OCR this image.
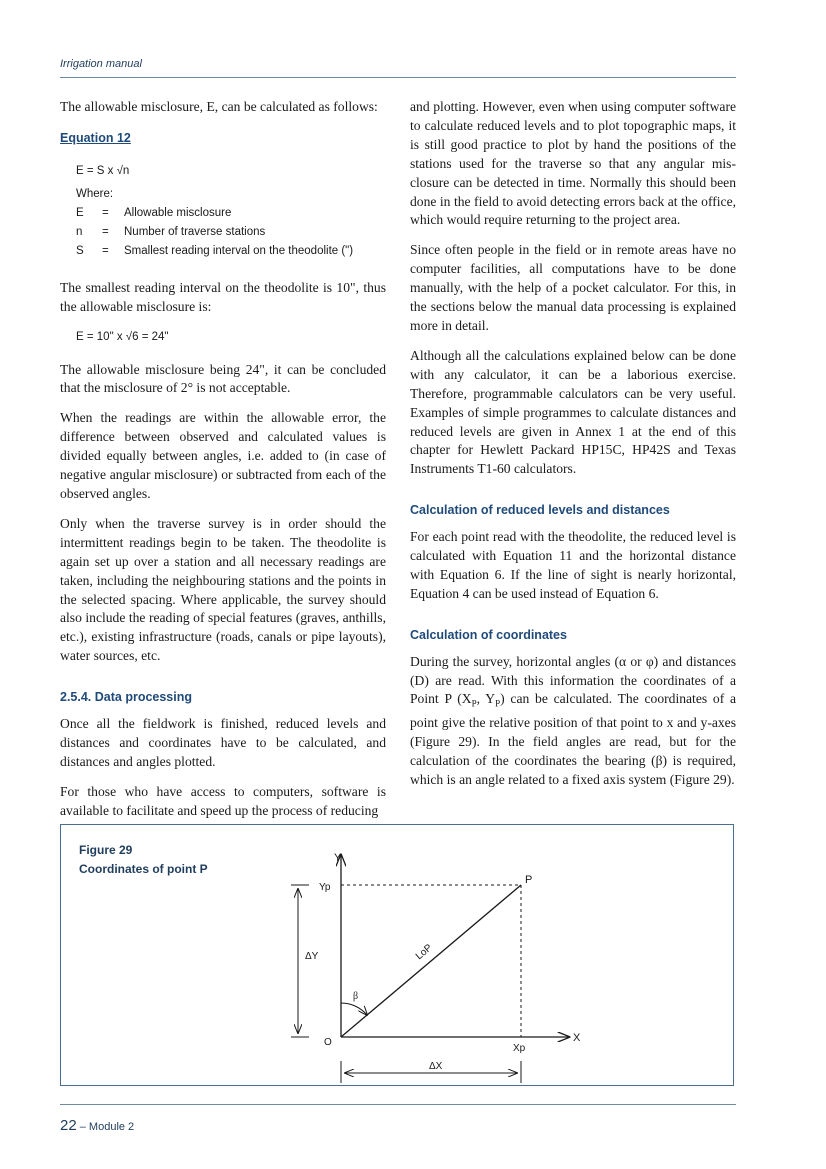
Irrigation manual

The allowable misclosure, E, can be calculated as follows:

Equation 12
E = S x √n
Where:
E	=	Allowable misclosure
n	=	Number of traverse stations
S	=	Smallest reading interval on the theodolite (")

The smallest reading interval on the theodolite is 10", thus the allowable misclosure is:

E = 10" x √6 = 24"

The allowable misclosure being 24", it can be concluded that the misclosure of 2° is not acceptable.

When the readings are within the allowable error, the difference between observed and calculated values is divided equally between angles, i.e. added to (in case of negative angular misclosure) or subtracted from each of the observed angles.

Only when the traverse survey is in order should the intermittent readings begin to be taken. The theodolite is again set up over a station and all necessary readings are taken, including the neighbouring stations and the points in the selected spacing. Where applicable, the survey should also include the reading of special features (graves, anthills, etc.), existing infrastructure (roads, canals or pipe layouts), water sources, etc.

2.5.4. Data processing

Once all the fieldwork is finished, reduced levels and distances and coordinates have to be calculated, and distances and angles plotted.

For those who have access to computers, software is available to facilitate and speed up the process of reducing

and plotting. However, even when using computer software to calculate reduced levels and to plot topographic maps, it is still good practice to plot by hand the positions of the stations used for the traverse so that any angular mis-closure can be detected in time. Normally this should been done in the field to avoid detecting errors back at the office, which would require returning to the project area.

Since often people in the field or in remote areas have no computer facilities, all computations have to be done manually, with the help of a pocket calculator. For this, in the sections below the manual data processing is explained more in detail.

Although all the calculations explained below can be done with any calculator, it can be a laborious exercise. Therefore, programmable calculators can be very useful. Examples of simple programmes to calculate distances and reduced levels are given in Annex 1 at the end of this chapter for Hewlett Packard HP15C, HP42S and Texas Instruments T1-60 calculators.

Calculation of reduced levels and distances

For each point read with the theodolite, the reduced level is calculated with Equation 11 and the horizontal distance with Equation 6. If the line of sight is nearly horizontal, Equation 4 can be used instead of Equation 6.

Calculation of coordinates

During the survey, horizontal angles (α or φ) and distances (D) are read. With this information the coordinates of a Point P ($X_P$, $Y_P$) can be calculated. The coordinates of a point give the relative position of that point to x and y-axes (Figure 29). In the field angles are read, but for the calculation of the coordinates the bearing (β) is required, which is an angle related to a fixed axis system (Figure 29).

Figure 29
Coordinates of point P
Y
X
O
P
Yp
Xp
ΔY
ΔX
LoP
β
22 – Module 2
